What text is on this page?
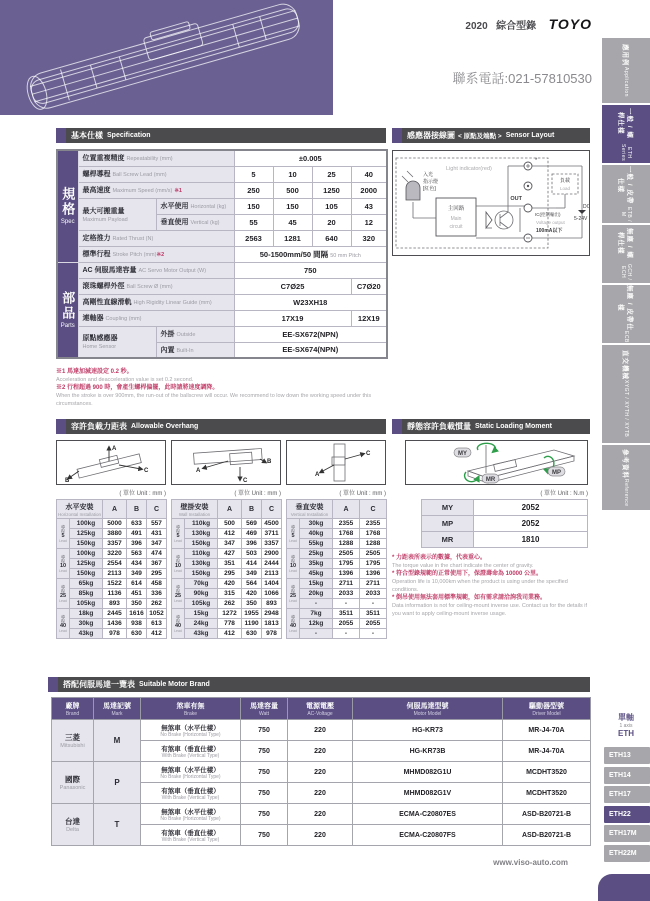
2020 綜合型錄 TOYO
聯系電話:021-57810530
應用例
Application
一般 / 螺桿仕樣
ETH Series
一般 / 皮帶仕樣
ETB / M
無塵 / 螺桿仕樣
GCH / ECH
無塵 / 皮帶仕樣
ECB
直交機械
XYGT / XYTH / XYTB
參考資料
Reference
基本仕樣 Specification
規格
Spec	位置重複精度 Repeatability (mm)		±0.005			
	螺桿導程 Ball Screw Lead (mm)		5	10	25	40
	最高速度 Maximum Speed (mm/s) ※1		250	500	1250	2000
	最大可搬重量
Maximum Payload	水平使用 Horizontal (kg)	150	150	105	43
		垂直使用 Vertical (kg)	55	45	20	12
	定格推力 Rated Thrust (N)		2563	1281	640	320
	標準行程 Stroke Pitch (mm)※2		50-1500mm/50 間隔 50 mm Pitch			

部品
Parts	AC 伺服馬達容量 AC Servo Motor Output (W)		750			
	滾珠螺桿外徑 Ball Screw Ø (mm)		C7Ø25			C7Ø20
	高剛性直線滑軌 High Rigidity Linear Guide (mm)		W23XH18			
	連軸器 Coupling (mm)		17X19			12X19
	原點感應器
Home Sensor	外掛 Outside	EE-SX672(NPN)			
		內置 Built-In	EE-SX674(NPN)			
※1 馬達加減速設定 0.2 秒。
Acceleration and deacceleration value is set 0.2 second.
※2 行程超過 900 時，會產生螺桿偏擺，此時請將速度調降。
When the stroke is over 900mm, the run-out of the ballscrew will occur. We recommend to low down the working speed under this circumstances.
感應器接線圖 < 原點及端點 > Sensor Layout
入光
指示燈
[紅色]
Light indicator(red)
主回路
Main
circuit
*
OUT
負載
Load
DC
5-24V
IC(控制輸出)
Voltage output
100mA以下
容許負載力距表 Allowable Overhang
A
B
C	A
B
C
A
C
( 單位 Unit : mm )	( 單位 Unit : mm )	( 單位 Unit : mm )
水平安裝
Horizontal Installation		A	B	C

導程
5
Lead	100kg	5000	633	557
	125kg	3880	491	431
	150kg	3357	396	347

導程
10
Lead	100kg	3220	563	474
	125kg	2554	434	367
	150kg	2113	349	295

導程
25
Lead	65kg	1522	614	458
	85kg	1136	451	336
	105kg	893	350	262

導程
40
Lead	18kg	2445	1616	1052
	30kg	1436	938	613
	43kg	978	630	412
壁掛安裝
Wall Installation		A	B	C

導程
5
Lead	110kg	500	569	4500
	130kg	412	469	3711
	150kg	347	396	3357

導程
10
Lead	110kg	427	503	2900
	130kg	351	414	2444
	150kg	295	349	2113

導程
25
Lead	70kg	420	564	1404
	90kg	315	420	1066
	105kg	262	350	893

導程
40
Lead	15kg	1272	1955	2948
	24kg	778	1190	1813
	43kg	412	630	978
垂直安裝
Vertical Installation		A	C

導程
5
Lead	30kg	2355	2355
	40kg	1768	1768
	55kg	1288	1288

導程
10
Lead	25kg	2505	2505
	35kg	1795	1795
	45kg	1396	1396

導程
25
Lead	15kg	2711	2711
	20kg	2033	2033
	-	-	-

導程
40
Lead	7kg	3511	3511
	12kg	2055	2055
	-	-	-
靜態容許負載慣量 Static Loading Moment
MY
MP
MR
( 單位 Unit : N.m )
MY	2052
MP	2052
MR	1810
* 力距表所表示的數據，代表重心。
The torque value in the chart indicate the center of gravity.
* 符合型錄規範的正常使用下，保證壽命為 10000 公里。
Operation life is 10,000km when the product is using under the specified conditions.
* 倒吊使用無法套用標準規範，如有需求請洽詢我司業務。
Data information is not for ceiling-mount inverse use. Contact us for the details if you want to apply ceiling-mount inverse usage.
搭配伺服馬達一覽表 Suitable Motor Brand
廠牌
Brand	馬達記號
Mark	煞車有無
Brake	馬達容量
Watt	電源電壓
AC-Voltage	伺服馬達型號
Motor Model	驅動器型號
Driver Model

三菱
Mitsubishi	M	無煞車（水平仕樣）
No Brake (Horizontal Type)	750	220	HG-KR73	MR-J4-70A

		有煞車（垂直仕樣）
With Brake (Vertical Type)	750	220	HG-KR73B	MR-J4-70A

國際
Panasonic	P	無煞車（水平仕樣）
No Brake (Horizontal Type)	750	220	MHMD082G1U	MCDHT3520

		有煞車（垂直仕樣）
With Brake (Vertical Type)	750	220	MHMD082G1V	MCDHT3520

台達
Delta	T	無煞車（水平仕樣）
No Brake (Horizontal Type)	750	220	ECMA-C20807ES	ASD-B20721-B

		有煞車（垂直仕樣）
With Brake (Vertical Type)	750	220	ECMA-C20807FS	ASD-B20721-B
單軸
1 axis
ETH
ETH13
ETH14
ETH17
ETH22
ETH17M
ETH22M
www.viso-auto.com
